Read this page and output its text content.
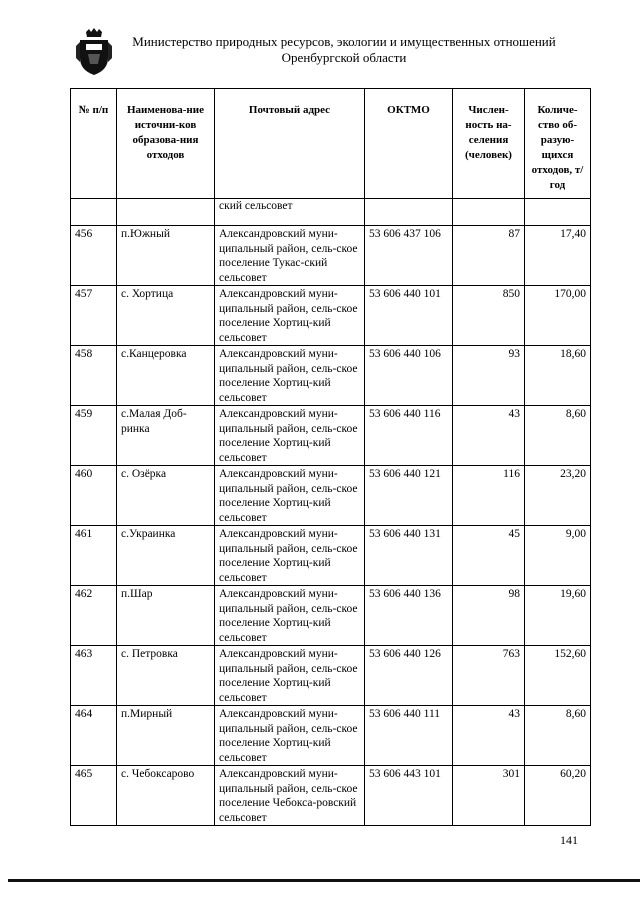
Министерство природных ресурсов, экологии и имущественных отношений
Оренбургской области
№ п/п	Наименова-ние источни-ков образова-ния отходов	Почтовый адрес	ОКТМО	Числен-ность на-селения (человек)	Количе-ство об-разую-щихся отходов, т/год
		ский сельсовет			
456	п.Южный	Александровский муни-ципальный район, сель-ское поселение Тукас-ский сельсовет	53 606 437 106	87	17,40
457	с. Хортица	Александровский муни-ципальный район, сель-ское поселение Хортиц-кий сельсовет	53 606 440 101	850	170,00
458	с.Канцеровка	Александровский муни-ципальный район, сель-ское поселение Хортиц-кий сельсовет	53 606 440 106	93	18,60
459	с.Малая Доб-ринка	Александровский муни-ципальный район, сель-ское поселение Хортиц-кий сельсовет	53 606 440 116	43	8,60
460	с. Озёрка	Александровский муни-ципальный район, сель-ское поселение Хортиц-кий сельсовет	53 606 440 121	116	23,20
461	с.Украинка	Александровский муни-ципальный район, сель-ское поселение Хортиц-кий сельсовет	53 606 440 131	45	9,00
462	п.Шар	Александровский муни-ципальный район, сель-ское поселение Хортиц-кий сельсовет	53 606 440 136	98	19,60
463	с. Петровка	Александровский муни-ципальный район, сель-ское поселение Хортиц-кий сельсовет	53 606 440 126	763	152,60
464	п.Мирный	Александровский муни-ципальный район, сель-ское поселение Хортиц-кий сельсовет	53 606 440 111	43	8,60
465	с. Чебоксарово	Александровский муни-ципальный район, сель-ское поселение Чебокса-ровский сельсовет	53 606 443 101	301	60,20
141
